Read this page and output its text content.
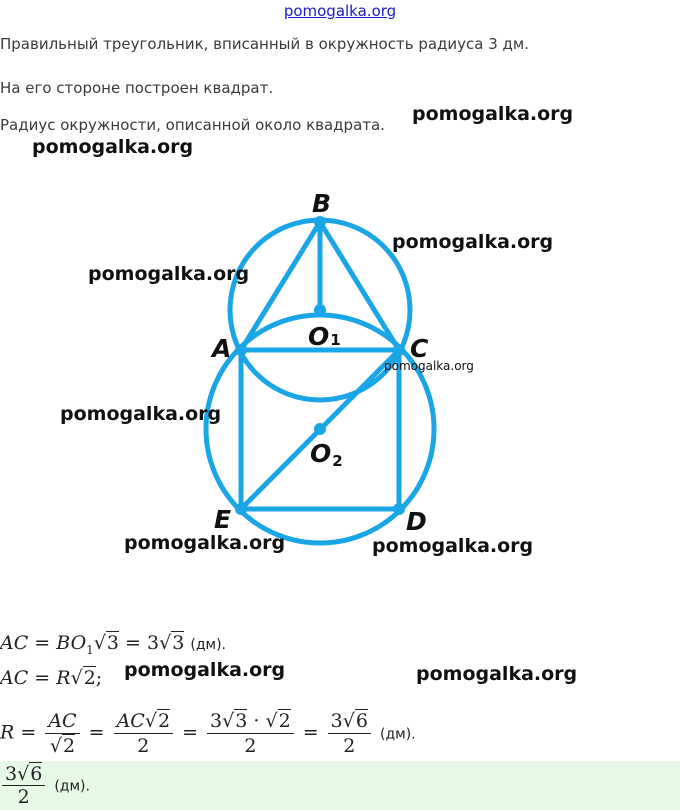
pomogalka.org
Правильный треугольник, вписанный в окружность радиуса 3 дм.
На его стороне построен квадрат.
Радиус окружности, описанной около квадрата.
B
A	C
E	D
O1
O2
pomogalka.org
pomogalka.org
pomogalka.org
pomogalka.org
pomogalka.org
pomogalka.org
pomogalka.org	pomogalka.org
pomogalka.org	pomogalka.org
AC = $BO_1√3 = 3√3$ (дм).
AC = R√2;
$R = \frac{AC}{√2} = \frac{AC√2}{2} = \frac{3√3 \cdot √2}{2} = \frac{3√6}{2} (дм)$.
$\frac{3√6}{2} (дм)$.
